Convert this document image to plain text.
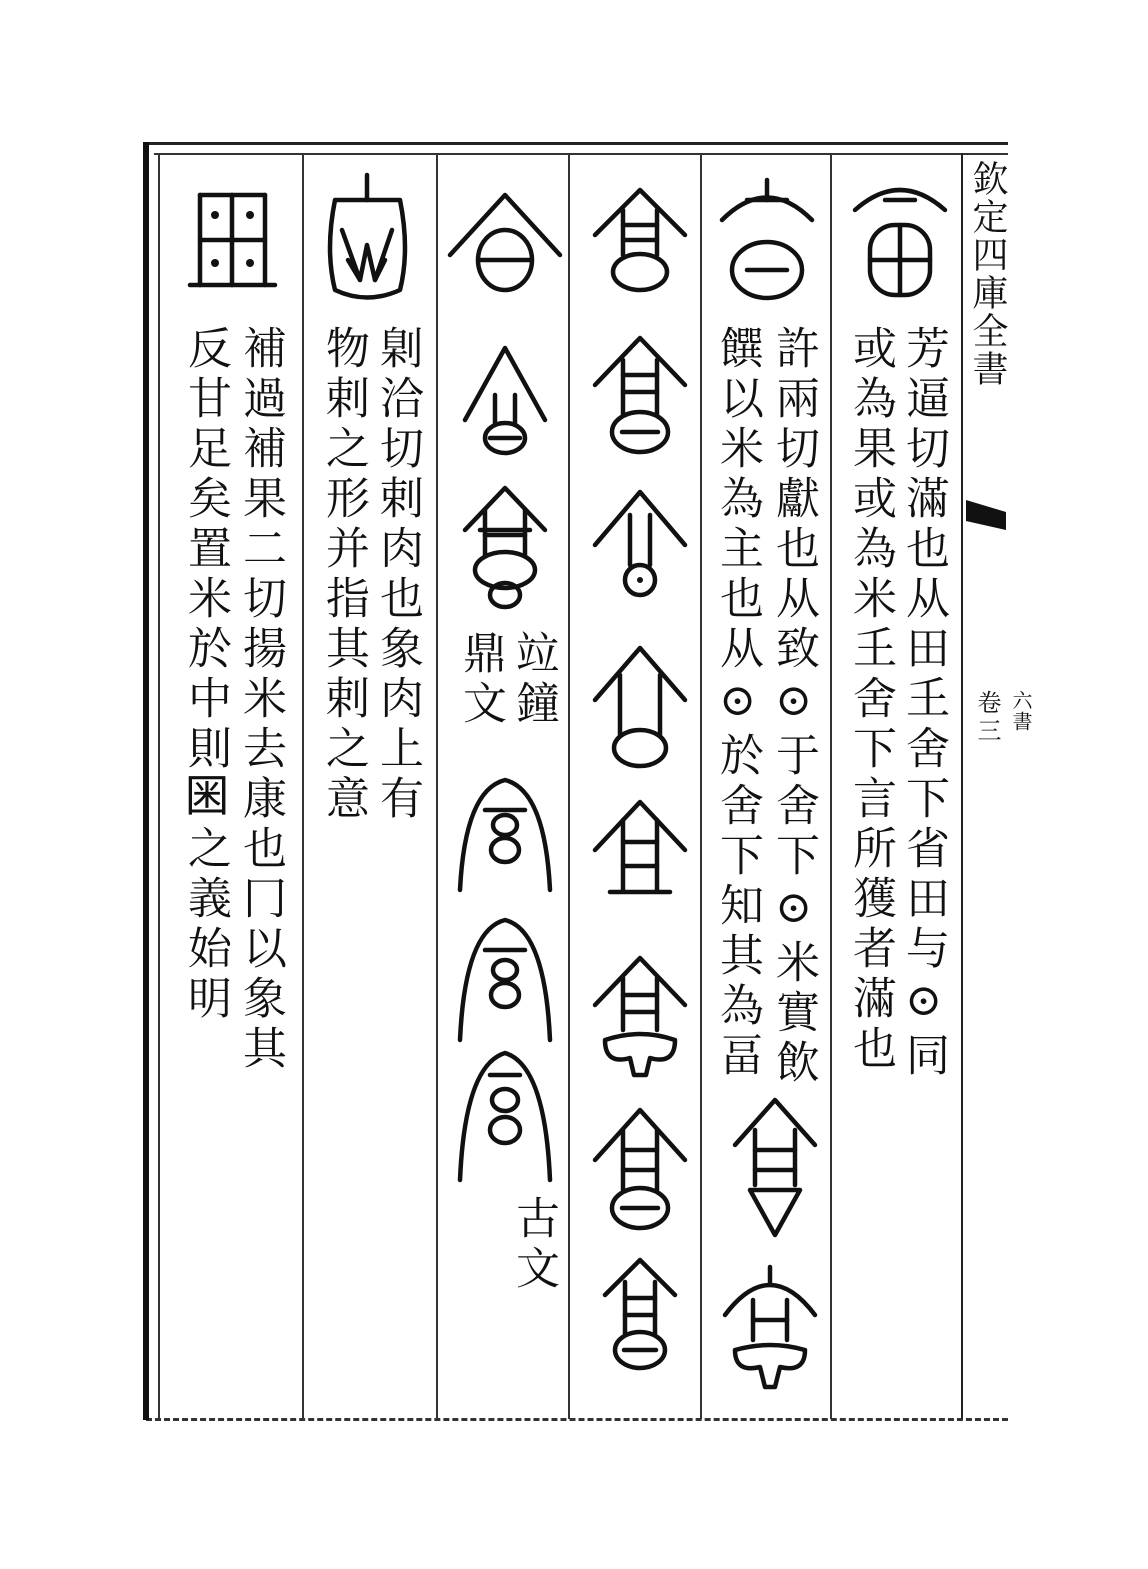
欽定四庫全書
卷三 六書
芳逼切滿也从田𡈼舍下省田与⊙同
或為果或為米𡈼舍下言所獲者滿也
許兩切獻也从致⊙于舍下⊙米實飲
饌以米為主也从⊙於舍下知其為畐
竝鐘
鼎文
古文
㓷洽切剌肉也象肉上有
物剌之形并指其剌之意
補過補果二切揚米去康也冂以象其
反甘足矣置米於中則𡇒之義始明
